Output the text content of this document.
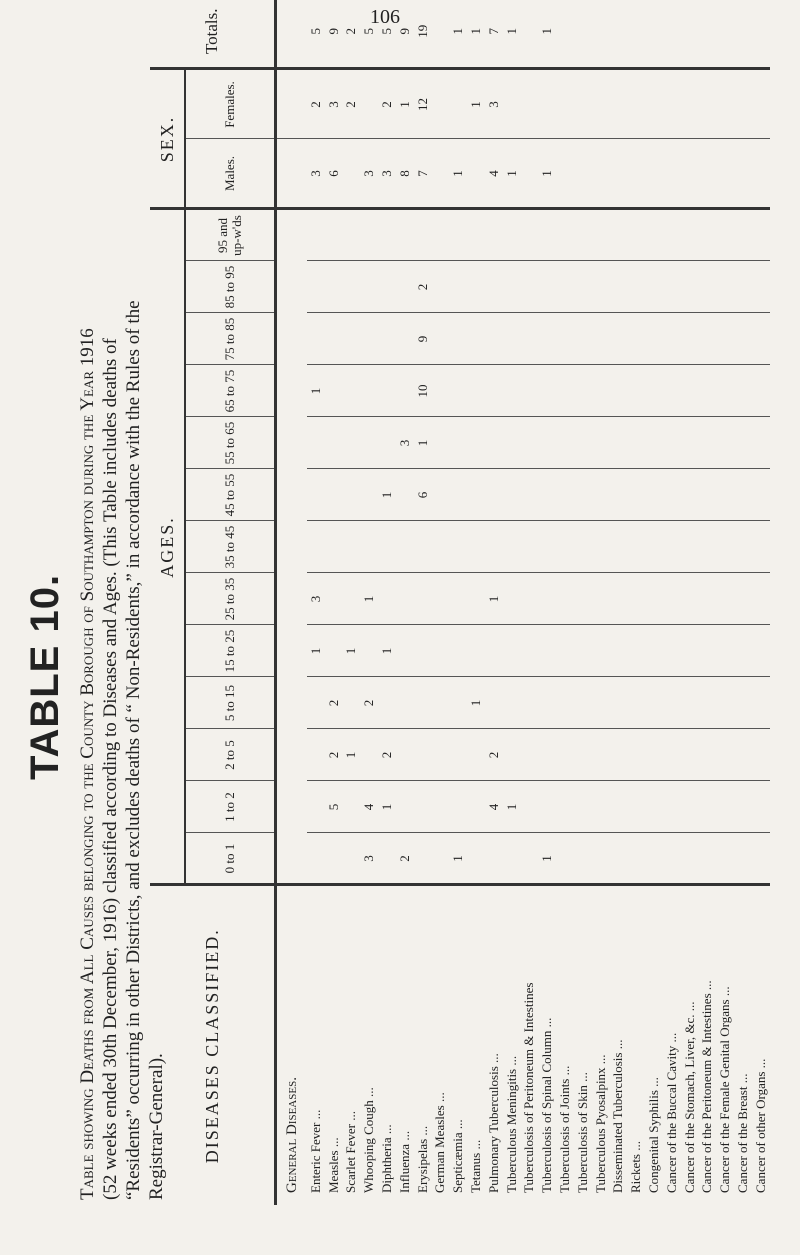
106
TABLE 10. Table showing Deaths from All Causes belonging to the County Borough of Southampton during the Year 1916 (52 weeks ended 30th December, 1916) classified according to Diseases and Ages. (This Table includes deaths of “Residents” occurring in other Districts, and excludes deaths of “ Non-Residents,” in accordance with the Rules of the Registrar-General). DISEASES CLASSIFIED.	AGES.													SEX.		Totals.
	0 to 1	1 to 2	2 to 5	5 to 15	15 to 25	25 to 35	35 to 45	45 to 55	55 to 65	65 to 75	75 to 85	85 to 95	95 and up-w'ds	Males.	Females.	
General Diseases.																
Enteric Fever ...					1	3				1				3	2	5
Measles ...		5	2	2										6	3	9
Scarlet Fever ...			1		1										2	2
Whooping Cough ...	3	4		2		1								3		5
Diphtheria ...		1	2		1			1						3	2	5
Influenza ...	2								3					8	1	9
Erysipelas ...								6	1	10	9	2		7	12	19
German Measles ...																
Septicæmia ...	1													1		1
Tetanus ...				1											1	1
Pulmonary Tuberculosis ...		4	2			1								4	3	7
Tuberculous Meningitis ...		1												1		1
Tuberculosis of Peritoneum & Intestines																
Tuberculosis of Spinal Column ...	1													1		1
Tuberculosis of Joints ...																
Tuberculosis of Skin ...																
Tuberculous Pyosalpinx ...																
Disseminated Tuberculosis ...																
Rickets ...																
Congenital Syphilis ...																
Cancer of the Buccal Cavity ...																
Cancer of the Stomach, Liver, &c. ...																
Cancer of the Peritoneum & Intestines ...																
Cancer of the Female Genital Organs ...																
Cancer of the Breast ...																
Cancer of other Organs ...																
